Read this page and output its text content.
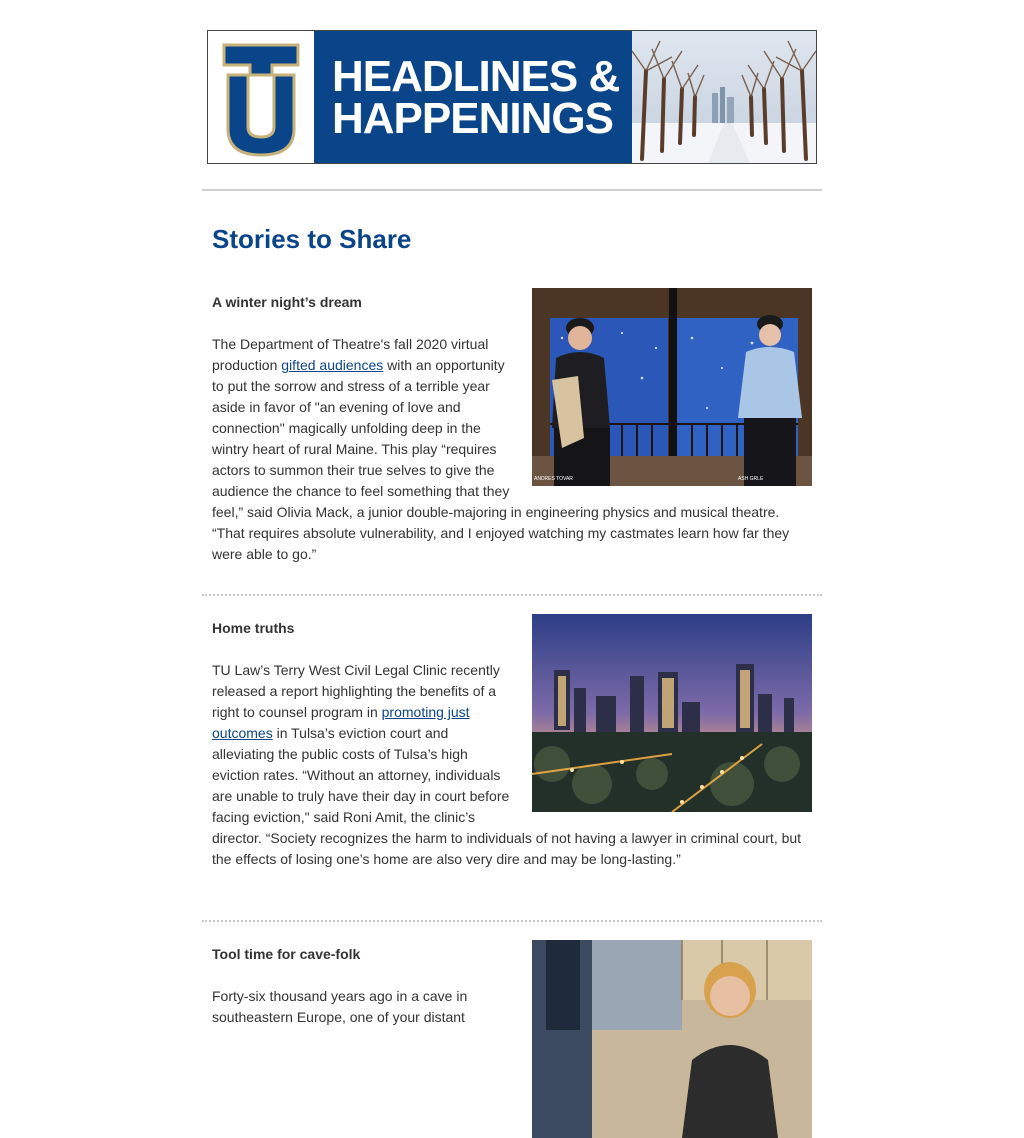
TU
HEADLINES &
HAPPENINGS
Stories to Share
ANDRES TOVAR	ASH GRLE
A winter night’s dream

The Department of Theatre's fall 2020 virtual production gifted audiences with an opportunity to put the sorrow and stress of a terrible year aside in favor of "an evening of love and connection" magically unfolding deep in the wintry heart of rural Maine. This play “requires actors to summon their true selves to give the audience the chance to feel something that they feel,” said Olivia Mack, a junior double-majoring in engineering physics and musical theatre. “That requires absolute vulnerability, and I enjoyed watching my castmates learn how far they were able to go.”

Home truths

TU Law’s Terry West Civil Legal Clinic recently released a report highlighting the benefits of a right to counsel program in promoting just outcomes in Tulsa’s eviction court and alleviating the public costs of Tulsa’s high eviction rates. “Without an attorney, individuals are unable to truly have their day in court before facing eviction," said Roni Amit, the clinic’s director. “Society recognizes the harm to individuals of not having a lawyer in criminal court, but the effects of losing one’s home are also very dire and may be long-lasting.”

Tool time for cave-folk

Forty-six thousand years ago in a cave in southeastern Europe, one of your distant
